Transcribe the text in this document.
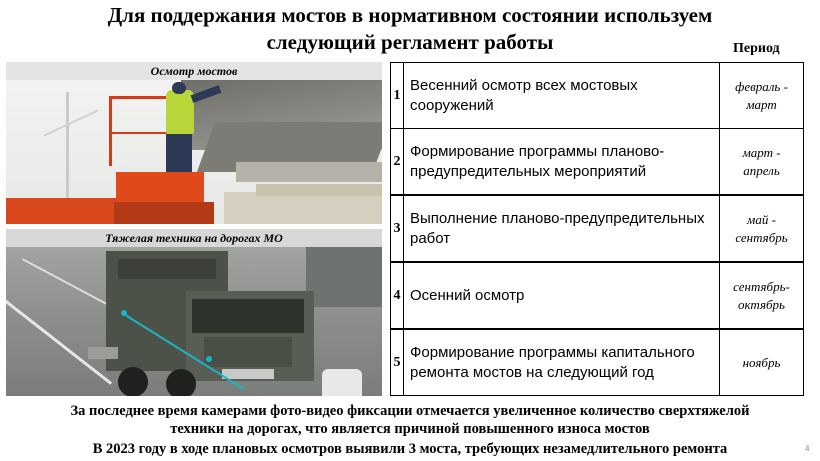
Для поддержания мостов в нормативном состоянии используем
следующий регламент работы	Период
Осмотр мостов
Тяжелая техника на дорогах МО
1
Весенний осмотр всех мостовых сооружений
февраль - март
2
Формирование программы планово-предупредительных мероприятий
март - апрель
3
Выполнение планово-предупредительных работ
май - сентябрь
4 Осенний осмотр
сентябрь-октябрь
5
Формирование программы капитального ремонта мостов на следующий год
ноябрь
За последнее время камерами фото-видео фиксации отмечается увеличенное количество сверхтяжелой
техники на дорогах, что является причиной повышенного износа мостов
В 2023 году в ходе плановых осмотров выявили 3 моста, требующих незамедлительного ремонта	4
